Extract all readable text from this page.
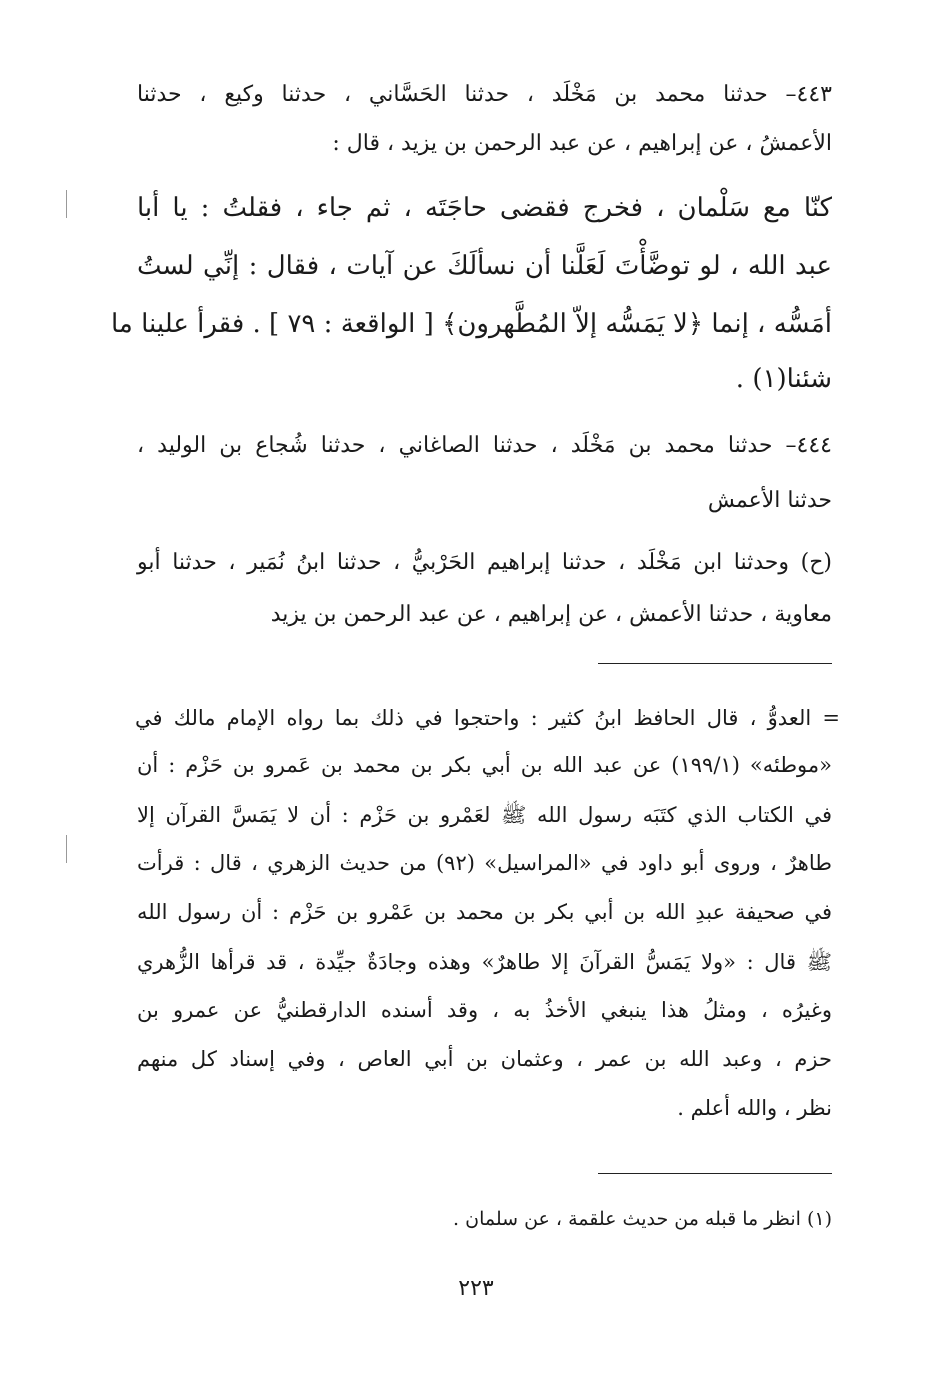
٤٤٣– حدثنا محمد بن مَخْلَد ، حدثنا الحَسَّاني ، حدثنا وكيع ، حدثنا
الأعمشُ ، عن إبراهيم ، عن عبد الرحمن بن يزيد ، قال :
كنّا مع سَلْمان ، فخرج فقضى حاجَتَه ، ثم جاء ، فقلتُ : يا أبا
عبد الله ، لو توضَّأْتَ لَعَلَّنا أن نسألَكَ عن آيات ، فقال : إنِّي لستُ
أمَسُّه ، إنما ﴿لا يَمَسُّه إلاّ المُطَّهرون﴾ [ الواقعة : ٧٩ ] . فقرأ علينا ما
شئنا(١) .
٤٤٤– حدثنا محمد بن مَخْلَد ، حدثنا الصاغاني ، حدثنا شُجاع بن الوليد ،
حدثنا الأعمش
(ح) وحدثنا ابن مَخْلَد ، حدثنا إبراهيم الحَرْبيُّ ، حدثنا ابنُ نُمَير ، حدثنا أبو
معاوية ، حدثنا الأعمش ، عن إبراهيم ، عن عبد الرحمن بن يزيد
= العدوُّ ، قال الحافظ ابنُ كثير : واحتجوا في ذلك بما رواه الإمام مالك في
«موطئه» (١٩٩/١) عن عبد الله بن أبي بكر بن محمد بن عَمرو بن حَزْم : أن
في الكتاب الذي كتَبَه رسول الله ﷺ لعَمْرو بن حَزْم : أن لا يَمَسَّ القرآن إلا
طاهرٌ ، وروى أبو داود في «المراسيل» (٩٢) من حديث الزهري ، قال : قرأت
في صحيفة عبدِ الله بن أبي بكر بن محمد بن عَمْرو بن حَزْم : أن رسول الله
ﷺ قال : «ولا يَمَسُّ القرآنَ إلا طاهرٌ» وهذه وجادَةٌ جيِّدة ، قد قرأها الزُّهري
وغيرُه ، ومثلُ هذا ينبغي الأخذُ به ، وقد أسنده الدارقطنيُّ عن عمرو بن
حزم ، وعبد الله بن عمر ، وعثمان بن أبي العاص ، وفي إسناد كل منهم
نظر ، والله أعلم .
(١) انظر ما قبله من حديث علقمة ، عن سلمان .
٢٢٣
